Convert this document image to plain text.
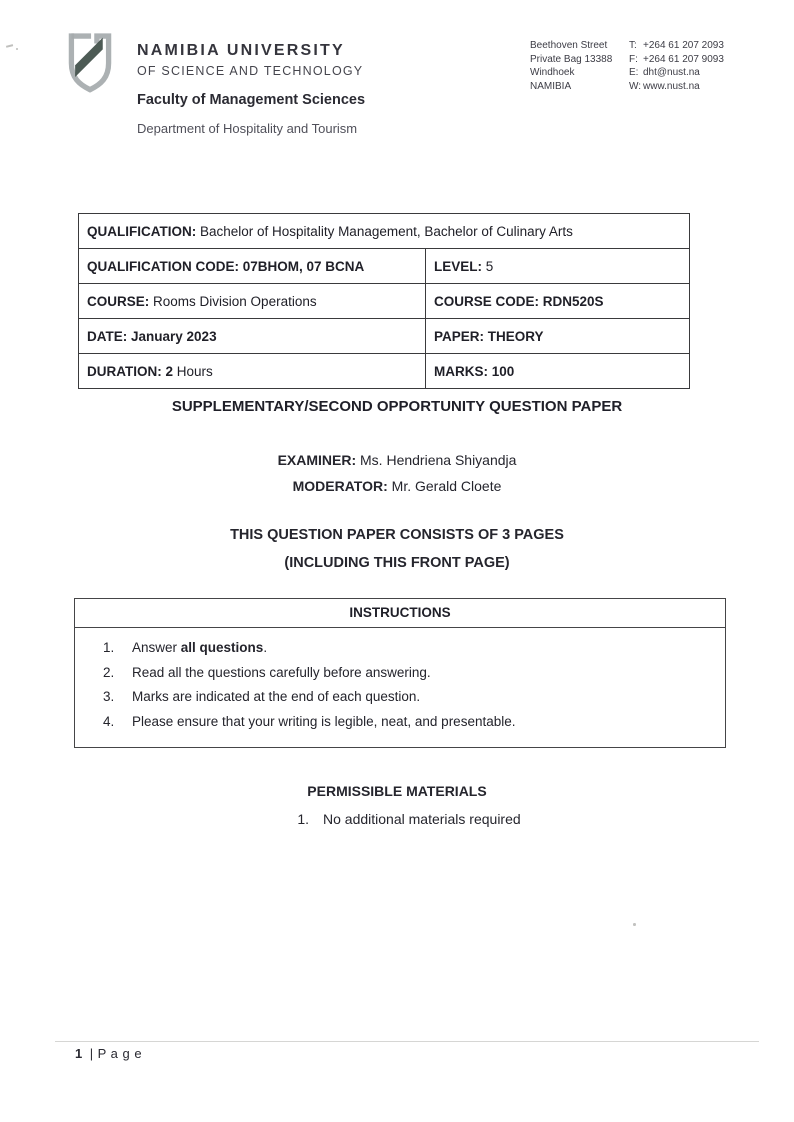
NAMIBIA UNIVERSITY
OF SCIENCE AND TECHNOLOGY
Faculty of Management Sciences
Department of Hospitality and Tourism
Beethoven Street
Private Bag 13388
Windhoek
NAMIBIA
T: +264 61 207 2093
F: +264 61 207 9093
E: dht@nust.na
W: www.nust.na
QUALIFICATION: Bachelor of Hospitality Management, Bachelor of Culinary Arts	
QUALIFICATION CODE: 07BHOM, 07 BCNA	LEVEL: 5
COURSE: Rooms Division Operations	COURSE CODE: RDN520S
DATE: January 2023	PAPER: THEORY
DURATION: 2 Hours	MARKS: 100
SUPPLEMENTARY/SECOND OPPORTUNITY QUESTION PAPER
EXAMINER: Ms. Hendriena Shiyandja
MODERATOR: Mr. Gerald Cloete
THIS QUESTION PAPER CONSISTS OF 3 PAGES
(INCLUDING THIS FRONT PAGE)
INSTRUCTIONS
1.	Answer all questions.
2.	Read all the questions carefully before answering.
3.	Marks are indicated at the end of each question.
4.	Please ensure that your writing is legible, neat, and presentable.
PERMISSIBLE MATERIALS
1. No additional materials required
1 | P a g e
